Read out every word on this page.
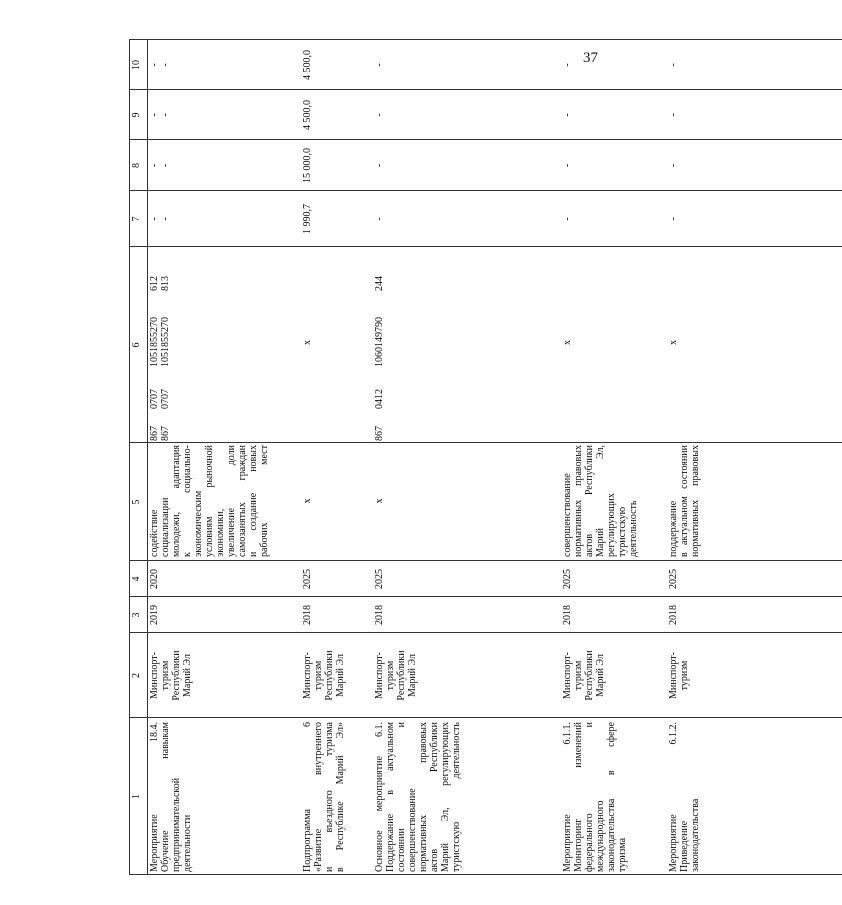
37
1
2
3
4
5
6
7
8
9
10
Мероприятие 18.4.
Обучение навыкам
предпринимательской
деятельности
Минспорт-
туризм
Республики
Марий Эл
2019
2020
содействие
социализации
молодежи, адаптация
к социально-
экономическим
условиям рыночной
экономики,
увеличение доли
самозанятых граждан
и создание новых
рабочих мест
867
867
0707
0707
1051855270
1051855270
612
813
-
-
-
-
-
-
-
-
Подпрограмма 6
«Развитие внутреннего
и въездного туризма
в Республике Марий Эл»
Минспорт-
туризм
Республики
Марий Эл
2018
2025
х
х
1 990,7
15 000,0
4 500,0
4 500,0
Основное мероприятие 6.1.
Поддержание в актуальном
состоянии и
совершенствование
нормативных правовых
актов Республики
Марий Эл, регулирующих
туристскую деятельность
Минспорт-
туризм
Республики
Марий Эл
2018
2025
х
867
0412
1060149790
244
-
-
-
-
Мероприятие 6.1.1.
Мониторинг изменений
федерального и
международного
законодательства в сфере
туризма
Минспорт-
туризм
Республики
Марий Эл
2018
2025
совершенствование
нормативных правовых
актов Республики
Марий Эл,
регулирующих
туристскую
деятельность
х
-
-
-
-
Мероприятие 6.1.2.
Приведение
законодательства
Минспорт-
туризм
2018
2025
поддержание
в актуальном состоянии
нормативных правовых
х
-
-
-
-
